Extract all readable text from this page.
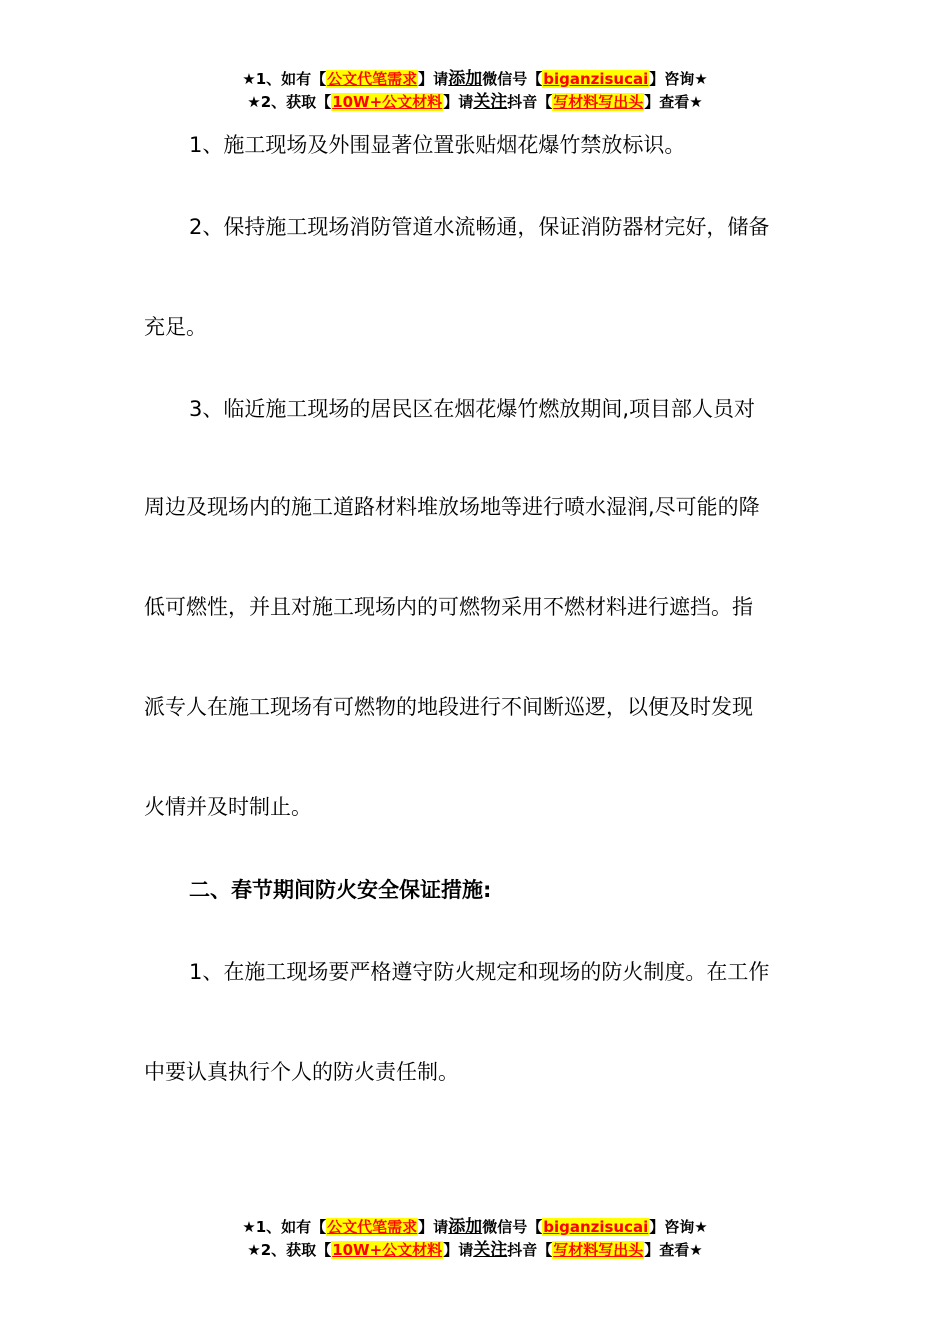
★1、如有【公文代笔需求】请添加微信号【biganzisucai】咨询★
★2、获取【10W+公文材料】请关注抖音【写材料写出头】查看★
1、施工现场及外围显著位置张贴烟花爆竹禁放标识。
2、保持施工现场消防管道水流畅通，保证消防器材完好，储备
充足。
3、临近施工现场的居民区在烟花爆竹燃放期间,项目部人员对
周边及现场内的施工道路材料堆放场地等进行喷水湿润,尽可能的降
低可燃性，并且对施工现场内的可燃物采用不燃材料进行遮挡。指
派专人在施工现场有可燃物的地段进行不间断巡逻，以便及时发现
火情并及时制止。
二、春节期间防火安全保证措施:
1、在施工现场要严格遵守防火规定和现场的防火制度。在工作
中要认真执行个人的防火责任制。
★1、如有【公文代笔需求】请添加微信号【biganzisucai】咨询★
★2、获取【10W+公文材料】请关注抖音【写材料写出头】查看★
